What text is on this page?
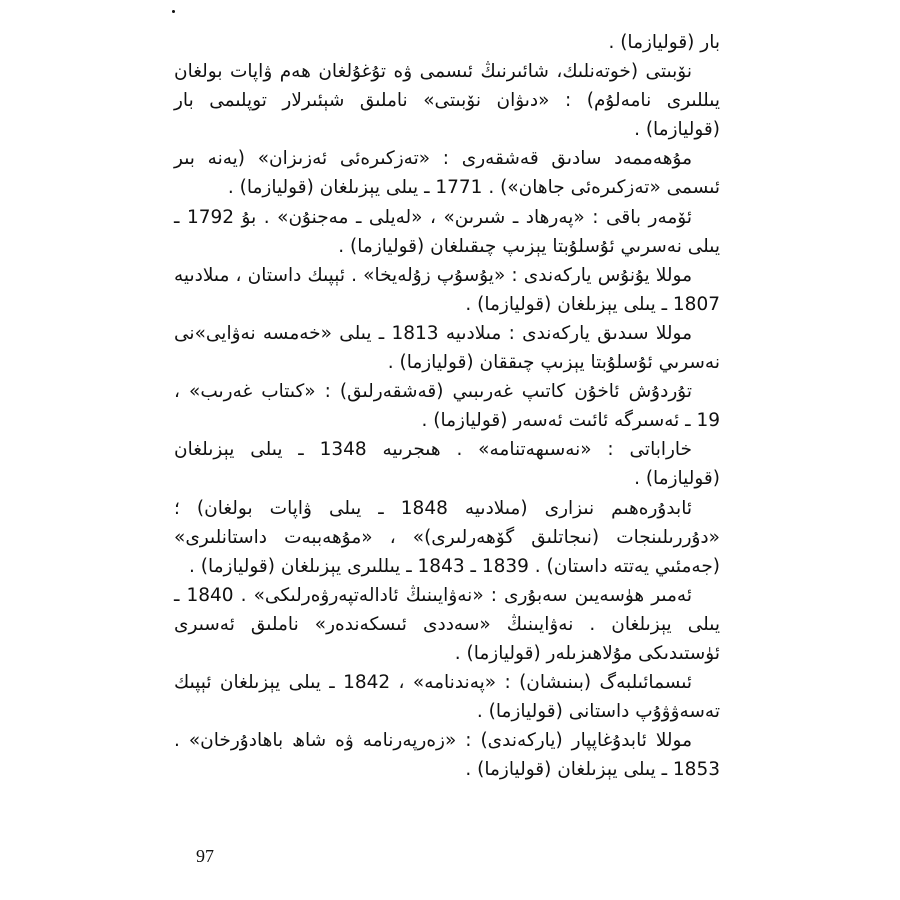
بار (قولیازما) .

نۆبىتى (خوتەنلىك، شائىرنىڭ ئىسمى ۋە تۇغۇلغان ھەم ۋاپات بولغان يىللىرى نامەلۇم) : «دىۋان نۆبىتى» ناملىق شېئىرلار توپلىمى بار (قولیازما) .

مۇھەممەد سادىق قەشقەرى : «تەزكىرەئى ئەزىزان» (يەنە بىر ئىسمى «تەزكىرەئى جاھان») . 1771 ـ يىلى يېزىلغان (قولیازما) .

ئۆمەر باقى : «پەرھاد ـ شىرىن» ، «لەيلى ـ مەجنۇن» . بۇ 1792 ـ يىلى نەسرىي ئۇسلۇبتا يېزىپ چىقىلغان (قولیازما) .

موللا يۇنۇس ياركەندى : «يۇسۇپ زۇلەيخا» . ئېپىك داستان ، مىلادىيە 1807 ـ يىلى يېزىلغان (قولیازما) .

موللا سىدىق ياركەندى : مىلادىيە 1813 ـ يىلى «خەمسە نەۋايى»نى نەسرىي ئۇسلۇبتا يېزىپ چىققان (قولیازما) .

تۇردۇش ئاخۇن كاتىپ غەرىبىي (قەشقەرلىق) : «كىتاب غەرىب» ، 19 ـ ئەسىرگە ئائىت ئەسەر (قولیازما) .

خاراباتى : «نەسىھەتنامە» . ھىجرىيە 1348 ـ يىلى يېزىلغان (قولیازما) .

ئابدۇرەھىم نىزارى (مىلادىيە 1848 ـ يىلى ۋاپات بولغان) ؛ «دۇررىلىنجات (نىجاتلىق گۆھەرلىرى)» ، «مۇھەببەت داستانلىرى» (جەمئىي يەتتە داستان) . 1839 ـ 1843 ـ يىللىرى يېزىلغان (قولیازما) .

ئەمىر ھۈسەيىن سەبۇرى : «نەۋايىنىڭ ئادالەتپەرۋەرلىكى» . 1840 ـ يىلى يېزىلغان . نەۋايىنىڭ «سەددى ئىسكەندەر» ناملىق ئەسىرى ئۈستىدىكى مۇلاھىزىلەر (قولیازما) .

ئىسمائىلبەگ (بىنىشان) : «پەندنامە» ، 1842 ـ يىلى يېزىلغان ئېپىك تەسەۋۋۇپ داستانى (قولیازما) .

موللا ئابدۇغاپپار (ياركەندى) : «زەرپەرنامە ۋە شاھ باھادۇرخان» . 1853 ـ يىلى يېزىلغان (قولیازما) .

97
